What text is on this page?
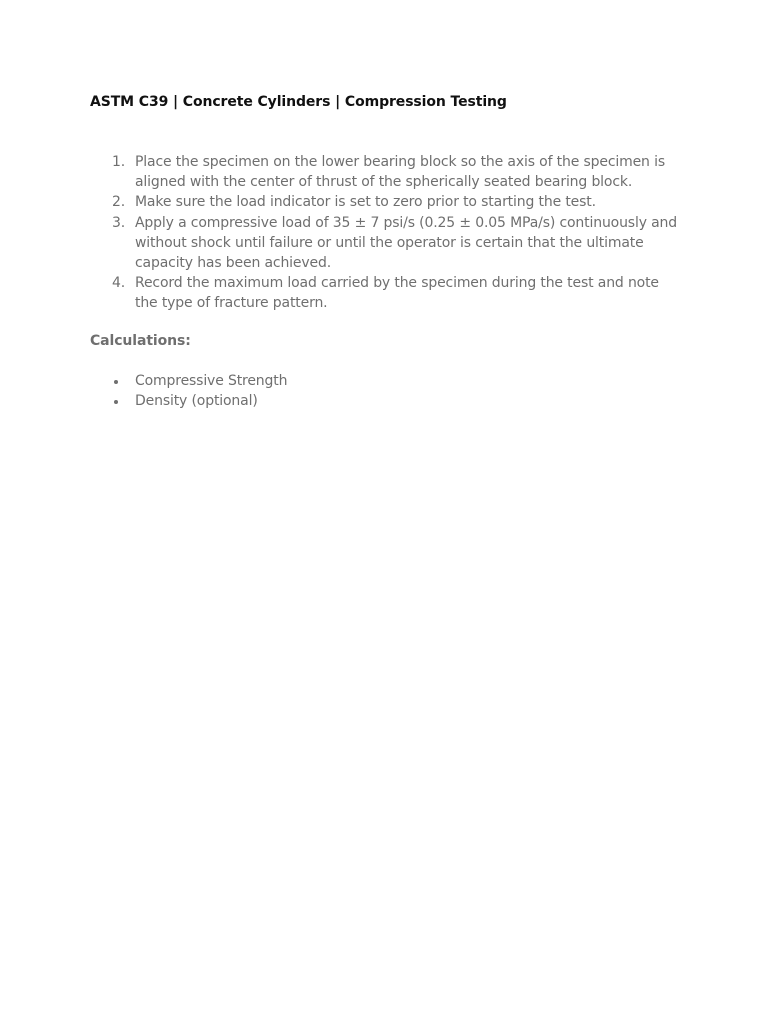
ASTM C39 | Concrete Cylinders | Compression Testing
1. Place the specimen on the lower bearing block so the axis of the specimen is aligned with the center of thrust of the spherically seated bearing block.
2. Make sure the load indicator is set to zero prior to starting the test.
3. Apply a compressive load of 35 ± 7 psi/s (0.25 ± 0.05 MPa/s) continuously and without shock until failure or until the operator is certain that the ultimate capacity has been achieved.
4. Record the maximum load carried by the specimen during the test and note the type of fracture pattern.
Calculations:
Compressive Strength
Density (optional)
